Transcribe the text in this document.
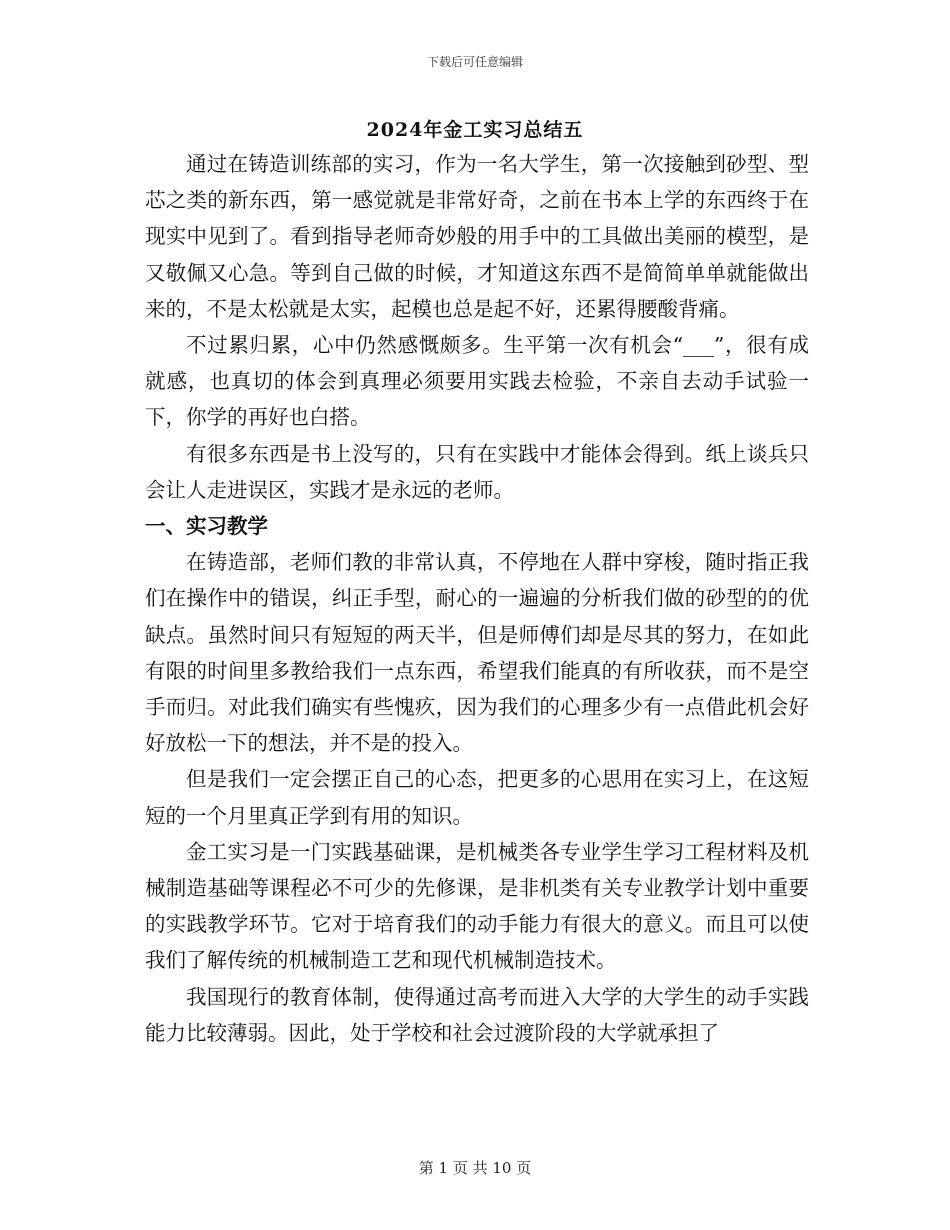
下载后可任意编辑
2024年金工实习总结五

通过在铸造训练部的实习，作为一名大学生，第一次接触到砂型、型芯之类的新东西，第一感觉就是非常好奇，之前在书本上学的东西终于在现实中见到了。看到指导老师奇妙般的用手中的工具做出美丽的模型，是又敬佩又心急。等到自己做的时候，才知道这东西不是简简单单就能做出来的，不是太松就是太实，起模也总是起不好，还累得腰酸背痛。

不过累归累，心中仍然感慨颇多。生平第一次有机会“___”，很有成就感，也真切的体会到真理必须要用实践去检验，不亲自去动手试验一下，你学的再好也白搭。

有很多东西是书上没写的，只有在实践中才能体会得到。纸上谈兵只会让人走进误区，实践才是永远的老师。

一、实习教学

在铸造部，老师们教的非常认真，不停地在人群中穿梭，随时指正我们在操作中的错误，纠正手型，耐心的一遍遍的分析我们做的砂型的的优缺点。虽然时间只有短短的两天半，但是师傅们却是尽其的努力，在如此有限的时间里多教给我们一点东西，希望我们能真的有所收获，而不是空手而归。对此我们确实有些愧疚，因为我们的心理多少有一点借此机会好好放松一下的想法，并不是的投入。

但是我们一定会摆正自己的心态，把更多的心思用在实习上，在这短短的一个月里真正学到有用的知识。

金工实习是一门实践基础课，是机械类各专业学生学习工程材料及机械制造基础等课程必不可少的先修课，是非机类有关专业教学计划中重要的实践教学环节。它对于培育我们的动手能力有很大的意义。而且可以使我们了解传统的机械制造工艺和现代机械制造技术。

我国现行的教育体制，使得通过高考而进入大学的大学生的动手实践能力比较薄弱。因此，处于学校和社会过渡阶段的大学就承担了

第 1 页 共 10 页
